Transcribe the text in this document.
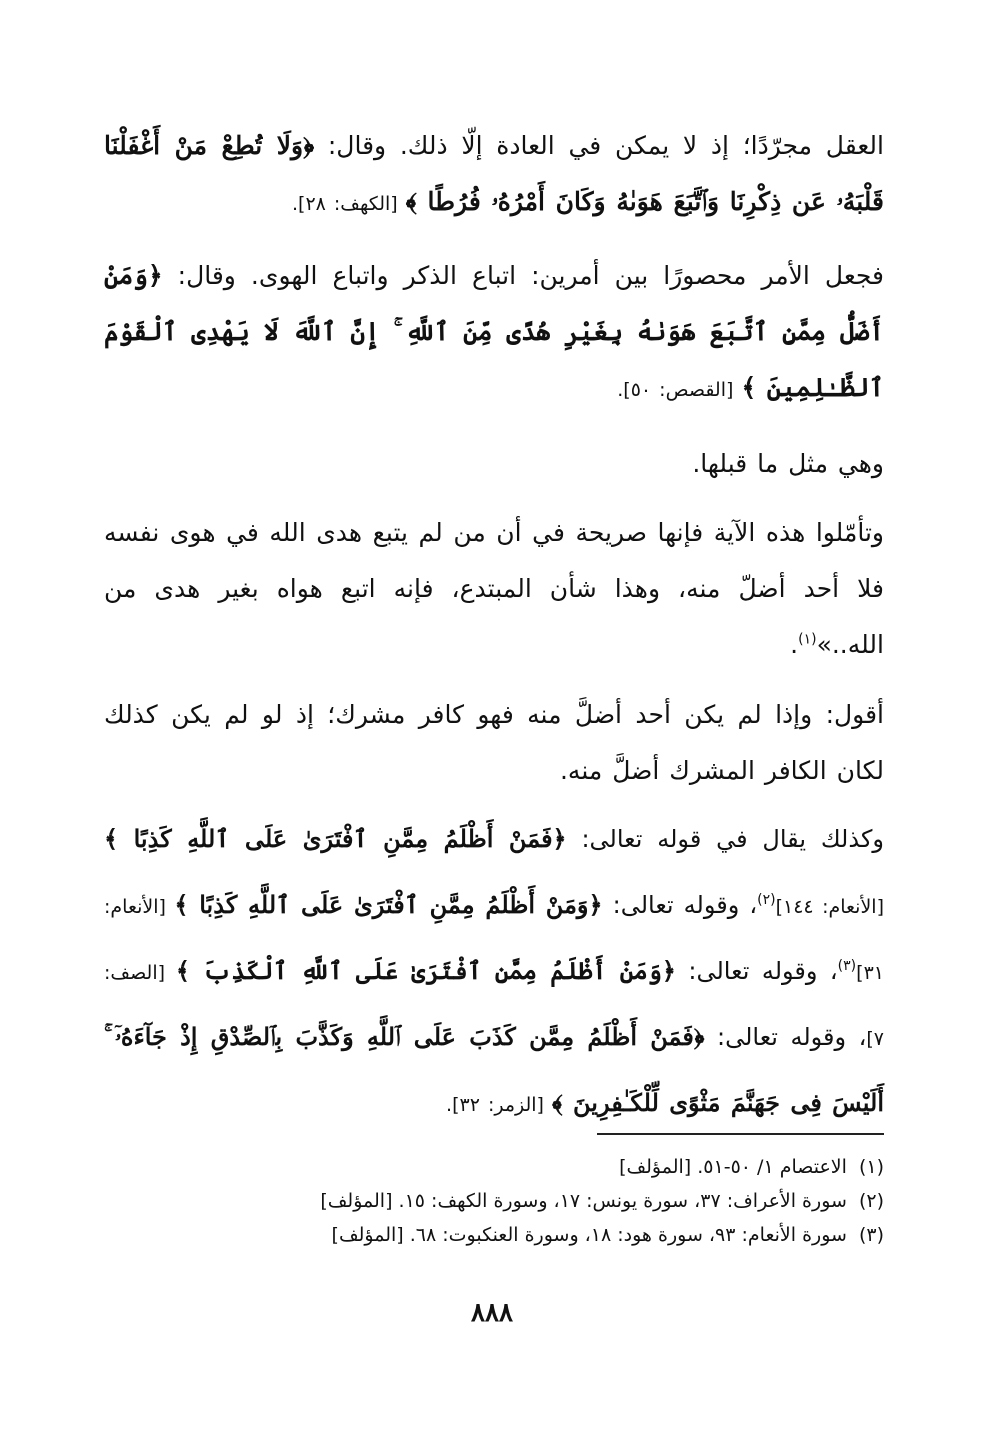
العقل مجرّدًا؛ إذ لا يمكن في العادة إلّا ذلك. وقال: ﴿وَلَا تُطِعْ مَنْ أَغْفَلْنَا قَلْبَهُۥ عَن ذِكْرِنَا وَٱتَّبَعَ هَوَىٰهُ وَكَانَ أَمْرُهُۥ فُرُطًا ﴾ [الكهف: ٢٨].
فجعل الأمر محصورًا بين أمرين: اتباع الذكر واتباع الهوى. وقال: ﴿وَمَنْ أَضَلُّ مِمَّنِ ٱتَّبَعَ هَوَىٰهُ بِغَيْرِ هُدًى مِّنَ ٱللَّهِ ۚ إِنَّ ٱللَّهَ لَا يَهْدِى ٱلْقَوْمَ ٱلظَّـٰلِمِينَ ﴾ [القصص: ٥٠].
وهي مثل ما قبلها.
وتأمّلوا هذه الآية فإنها صريحة في أن من لم يتبع هدى الله في هوى نفسه فلا أحد أضلّ منه، وهذا شأن المبتدع، فإنه اتبع هواه بغير هدى من الله..»$^{(١)}$.
أقول: وإذا لم يكن أحد أضلَّ منه فهو كافر مشرك؛ إذ لو لم يكن كذلك لكان الكافر المشرك أضلَّ منه.
وكذلك يقال في قوله تعالى: ﴿فَمَنْ أَظْلَمُ مِمَّنِ ٱفْتَرَىٰ عَلَى ٱللَّهِ كَذِبًا ﴾ [الأنعام: ١٤٤]$^{(٢)}$، وقوله تعالى: ﴿وَمَنْ أَظْلَمُ مِمَّنِ ٱفْتَرَىٰ عَلَى ٱللَّهِ كَذِبًا ﴾ [الأنعام: ٣١]$^{(٣)}$، وقوله تعالى: ﴿وَمَنْ أَظْلَمُ مِمَّنِ ٱفْتَرَىٰ عَلَى ٱللَّهِ ٱلْكَذِبَ ﴾ [الصف: ٧]، وقوله تعالى: ﴿فَمَنْ أَظْلَمُ مِمَّن كَذَبَ عَلَى ٱللَّهِ وَكَذَّبَ بِٱلصِّدْقِ إِذْ جَآءَهُۥٓ ۚ أَلَيْسَ فِى جَهَنَّمَ مَثْوًى لِّلْكَـٰفِرِينَ ﴾ [الزمر: ٣٢].
(١)الاعتصام ١/ ٥٠-٥١. [المؤلف]
(٢)سورة الأعراف: ٣٧، سورة يونس: ١٧، وسورة الكهف: ١٥. [المؤلف]
(٣)سورة الأنعام: ٩٣، سورة هود: ١٨، وسورة العنكبوت: ٦٨. [المؤلف]
٨٨٨
